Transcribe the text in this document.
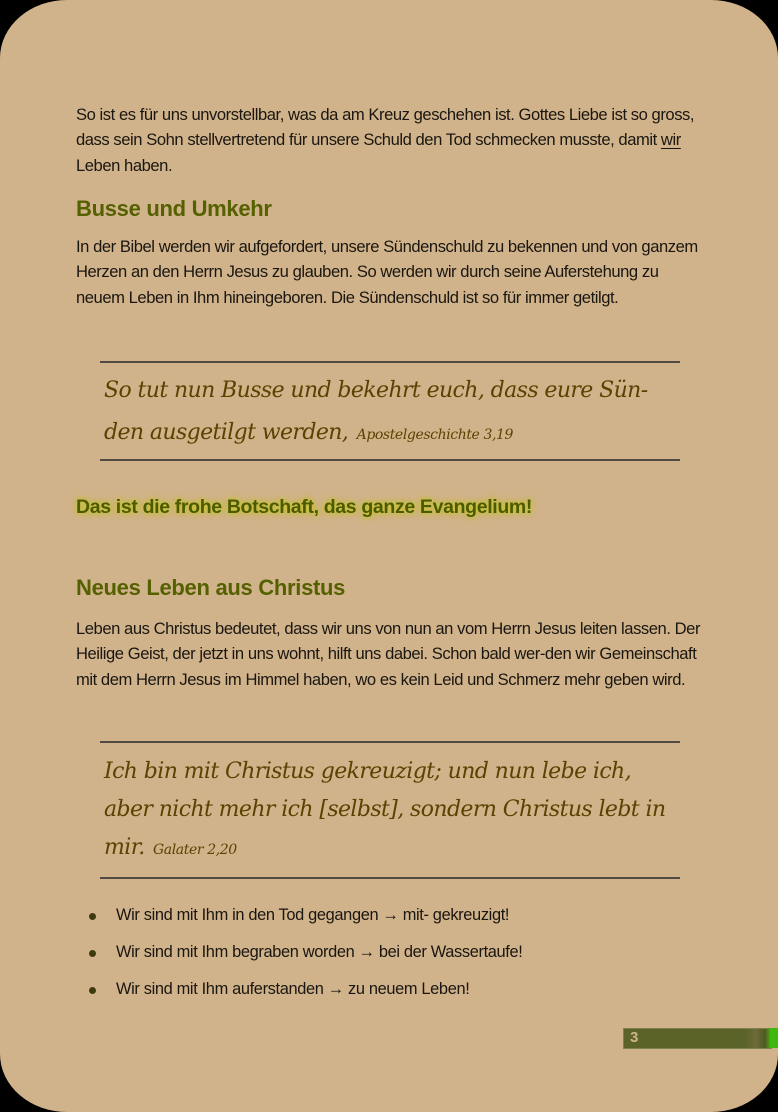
So ist es für uns unvorstellbar, was da am Kreuz geschehen ist. Gottes Liebe ist so gross, dass sein Sohn stellvertretend für unsere Schuld den Tod schmecken musste, damit wir Leben haben.

Busse und Umkehr

In der Bibel werden wir aufgefordert, unsere Sündenschuld zu bekennen und von ganzem Herzen an den Herrn Jesus zu glauben. So werden wir durch seine Auferstehung zu neuem Leben in Ihm hineingeboren. Die Sündenschuld ist so für immer getilgt.

So tut nun Busse und bekehrt euch, dass eure Sün-
den ausgetilgt werden, Apostelgeschichte 3,19

Das ist die frohe Botschaft, das ganze Evangelium!

Neues Leben aus Christus

Leben aus Christus bedeutet, dass wir uns von nun an vom Herrn Jesus leiten lassen. Der Heilige Geist, der jetzt in uns wohnt, hilft uns dabei. Schon bald wer-den wir Gemeinschaft mit dem Herrn Jesus im Himmel haben, wo es kein Leid und Schmerz mehr geben wird.

Ich bin mit Christus gekreuzigt; und nun lebe ich,
aber nicht mehr ich [selbst], sondern Christus lebt in
mir. Galater 2,20

Wir sind mit Ihm in den Tod gegangen → mit- gekreuzigt!
Wir sind mit Ihm begraben worden → bei der Wassertaufe!
Wir sind mit Ihm auferstanden → zu neuem Leben!
3
